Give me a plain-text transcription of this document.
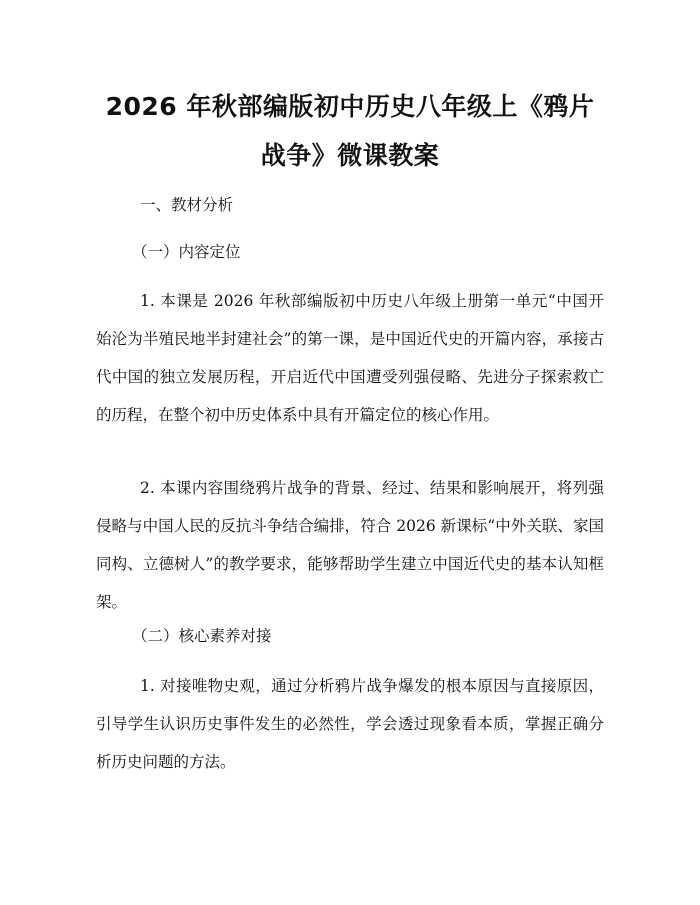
2026 年秋部编版初中历史八年级上《鸦片战争》微课教案

一、教材分析

（一）内容定位

1. 本课是 2026 年秋部编版初中历史八年级上册第一单元“中国开始沦为半殖民地半封建社会”的第一课，是中国近代史的开篇内容，承接古代中国的独立发展历程，开启近代中国遭受列强侵略、先进分子探索救亡的历程，在整个初中历史体系中具有开篇定位的核心作用。

2. 本课内容围绕鸦片战争的背景、经过、结果和影响展开，将列强侵略与中国人民的反抗斗争结合编排，符合 2026 新课标“中外关联、家国同构、立德树人”的教学要求，能够帮助学生建立中国近代史的基本认知框架。

（二）核心素养对接

1. 对接唯物史观，通过分析鸦片战争爆发的根本原因与直接原因，引导学生认识历史事件发生的必然性，学会透过现象看本质，掌握正确分析历史问题的方法。
